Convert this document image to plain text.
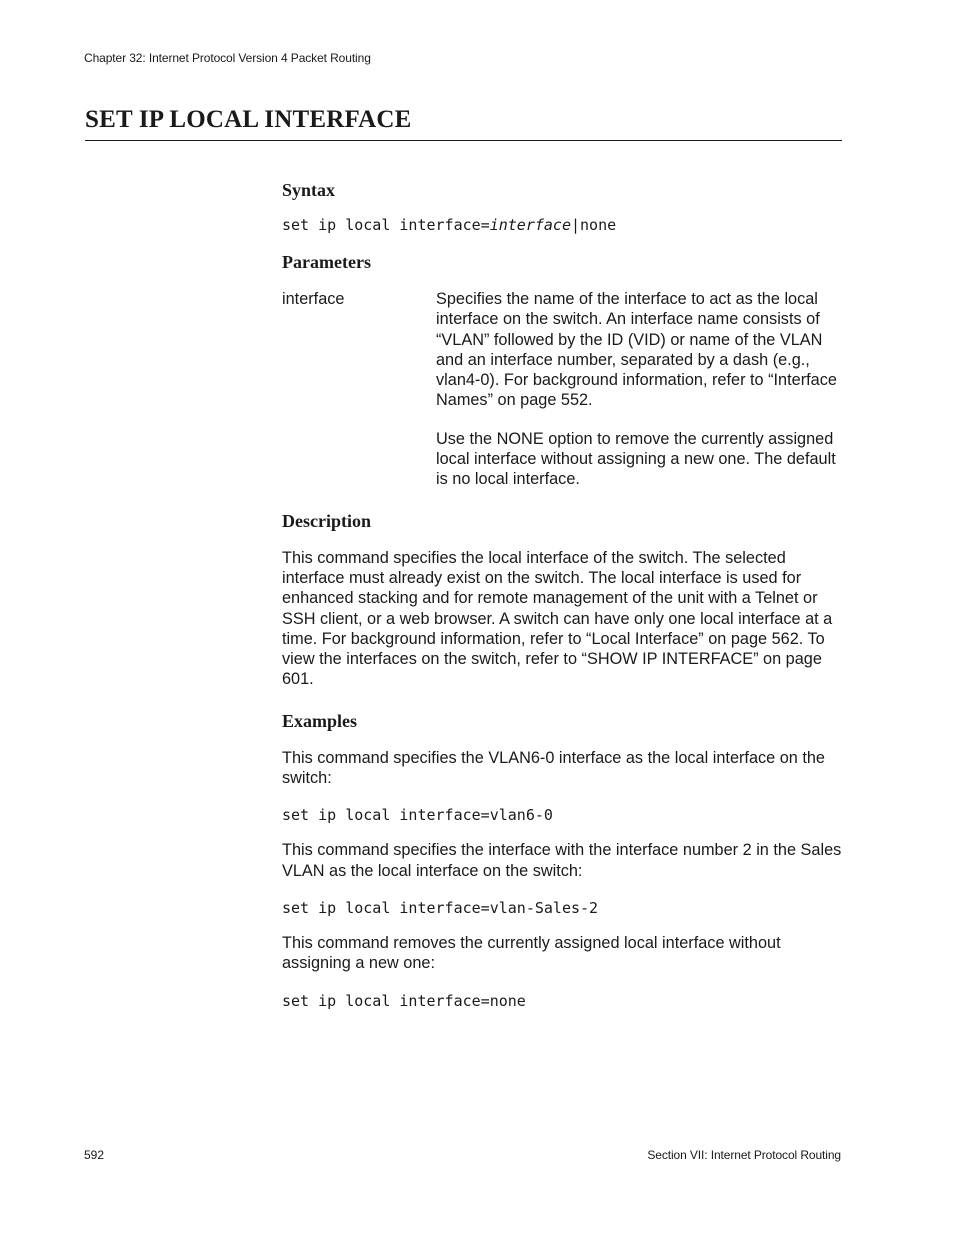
Chapter 32: Internet Protocol Version 4 Packet Routing
SET IP LOCAL INTERFACE
Syntax

set ip local interface=interface|none

Parameters
interface	Specifies the name of the interface to act as the local interface on the switch. An interface name consists of “VLAN” followed by the ID (VID) or name of the VLAN and an interface number, separated by a dash (e.g., vlan4-0). For background information, refer to “Interface Names” on page 552.

Use the NONE option to remove the currently assigned local interface without assigning a new one. The default is no local interface.

Description

This command specifies the local interface of the switch. The selected interface must already exist on the switch. The local interface is used for enhanced stacking and for remote management of the unit with a Telnet or SSH client, or a web browser. A switch can have only one local interface at a time. For background information, refer to “Local Interface” on page 562. To view the interfaces on the switch, refer to “SHOW IP INTERFACE” on page 601.

Examples

This command specifies the VLAN6-0 interface as the local interface on the switch:

set ip local interface=vlan6-0

This command specifies the interface with the interface number 2 in the Sales VLAN as the local interface on the switch:

set ip local interface=vlan-Sales-2

This command removes the currently assigned local interface without assigning a new one:

set ip local interface=none

592	Section VII: Internet Protocol Routing
